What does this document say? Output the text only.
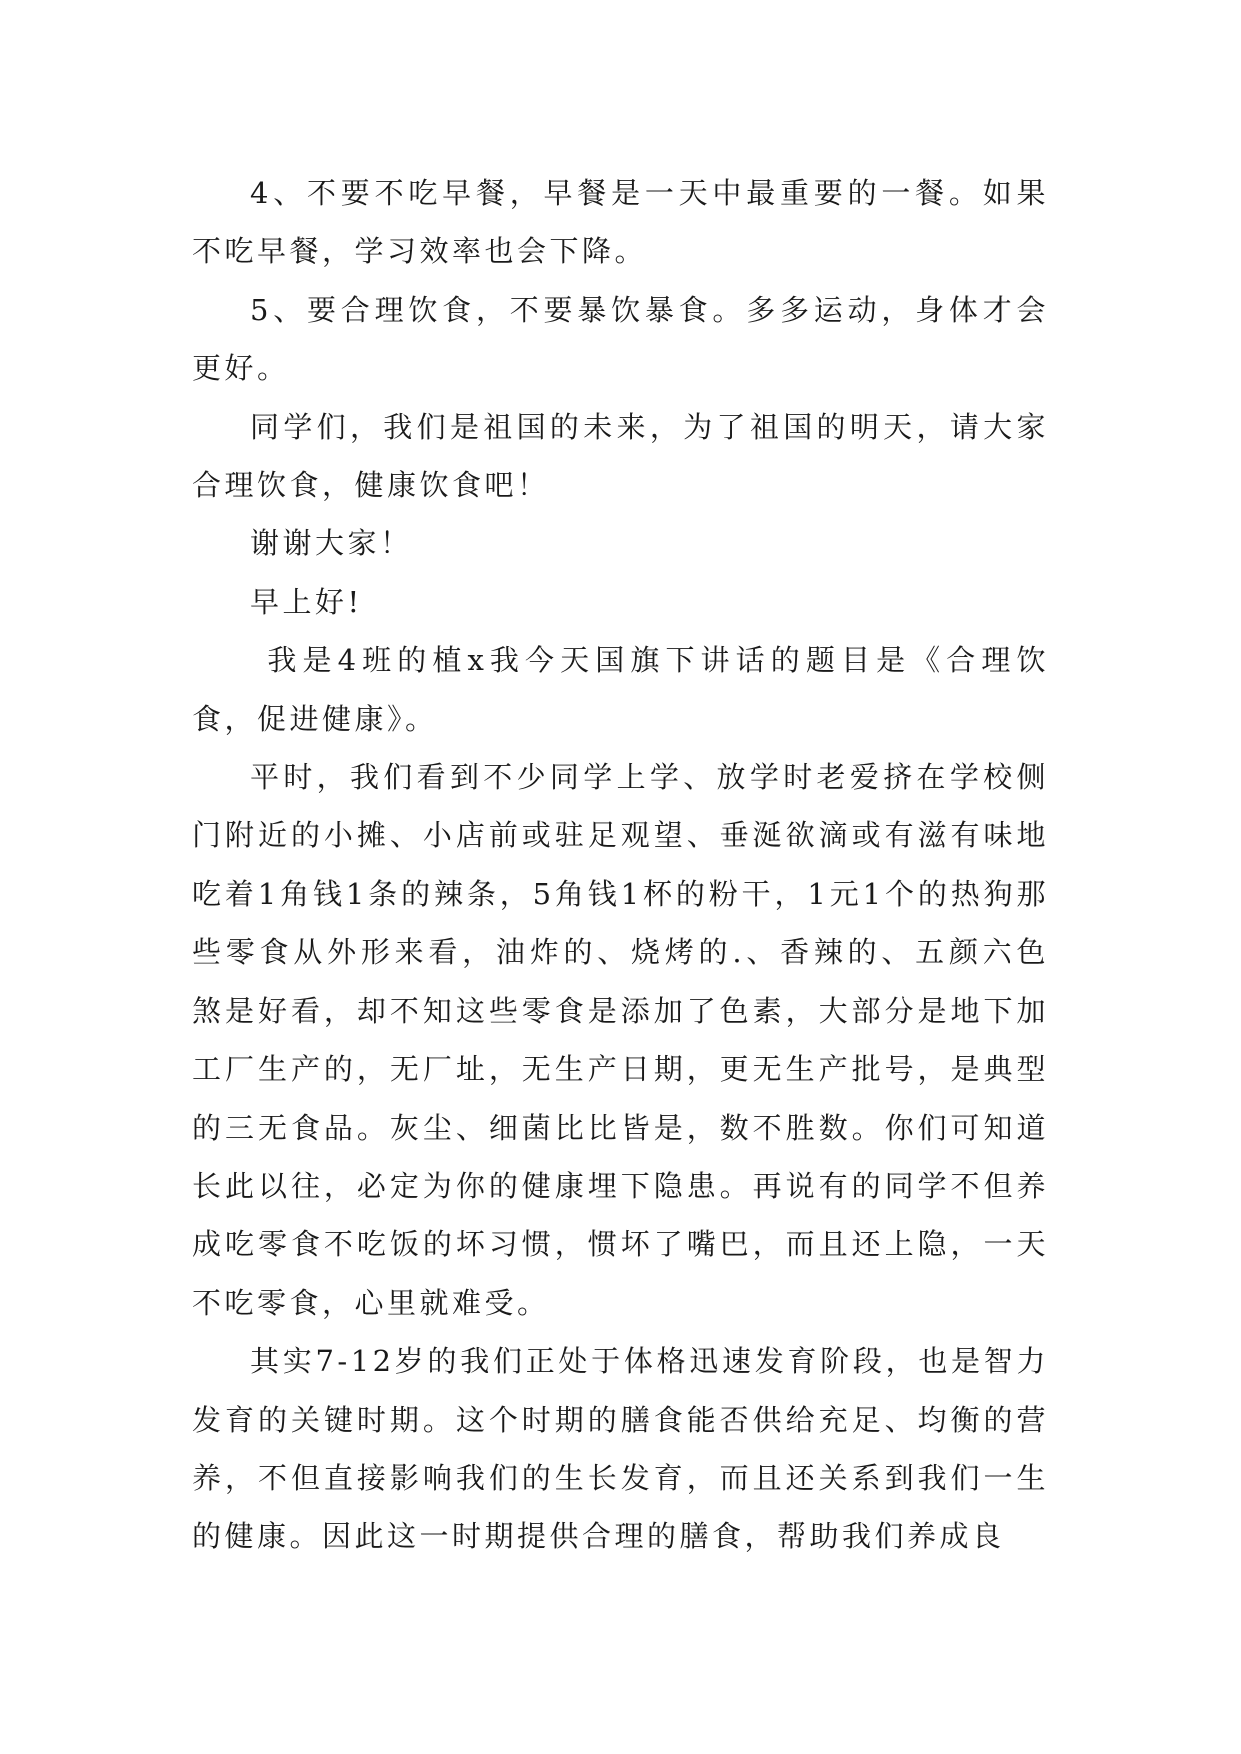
4、不要不吃早餐，早餐是一天中最重要的一餐。如果不吃早餐，学习效率也会下降。

5、要合理饮食，不要暴饮暴食。多多运动，身体才会更好。

同学们，我们是祖国的未来，为了祖国的明天，请大家合理饮食，健康饮食吧！

谢谢大家！

早上好!

我是4班的植x我今天国旗下讲话的题目是《合理饮食，促进健康》。

平时，我们看到不少同学上学、放学时老爱挤在学校侧门附近的小摊、小店前或驻足观望、垂涎欲滴或有滋有味地吃着1角钱1条的辣条，5角钱1杯的粉干，1元1个的热狗那些零食从外形来看，油炸的、烧烤的.、香辣的、五颜六色煞是好看，却不知这些零食是添加了色素，大部分是地下加工厂生产的，无厂址，无生产日期，更无生产批号，是典型的三无食品。灰尘、细菌比比皆是，数不胜数。你们可知道长此以往，必定为你的健康埋下隐患。再说有的同学不但养成吃零食不吃饭的坏习惯，惯坏了嘴巴，而且还上隐，一天不吃零食，心里就难受。

其实7-12岁的我们正处于体格迅速发育阶段，也是智力发育的关键时期。这个时期的膳食能否供给充足、均衡的营养，不但直接影响我们的生长发育，而且还关系到我们一生的健康。因此这一时期提供合理的膳食，帮助我们养成良
